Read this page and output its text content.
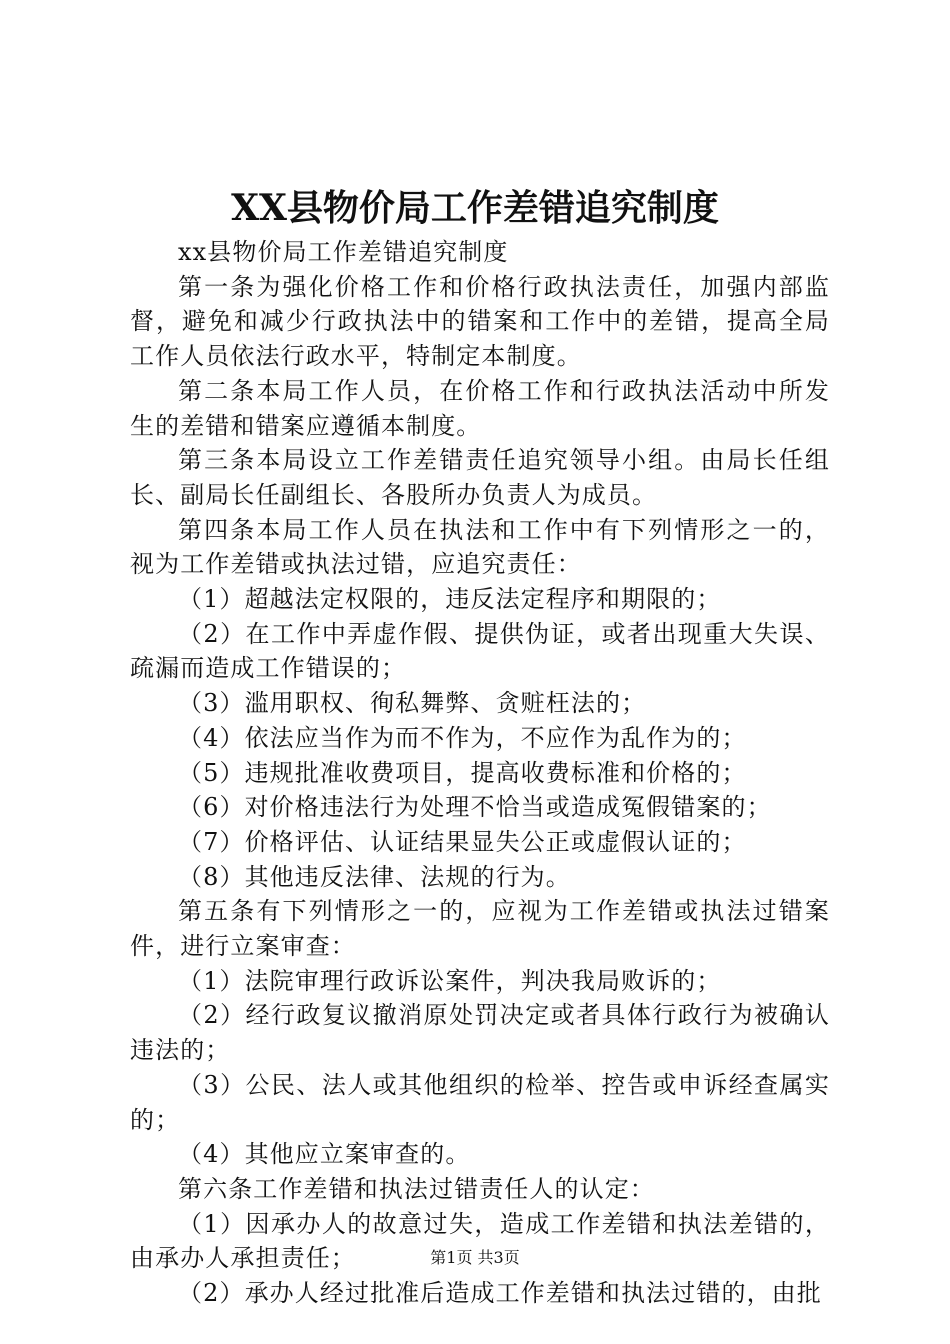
XX县物价局工作差错追究制度

xx县物价局工作差错追究制度

第一条为强化价格工作和价格行政执法责任，加强内部监督，避免和减少行政执法中的错案和工作中的差错，提高全局工作人员依法行政水平，特制定本制度。

第二条本局工作人员，在价格工作和行政执法活动中所发生的差错和错案应遵循本制度。

第三条本局设立工作差错责任追究领导小组。由局长任组长、副局长任副组长、各股所办负责人为成员。

第四条本局工作人员在执法和工作中有下列情形之一的，视为工作差错或执法过错，应追究责任：

（1）超越法定权限的，违反法定程序和期限的；

（2）在工作中弄虚作假、提供伪证，或者出现重大失误、疏漏而造成工作错误的；

（3）滥用职权、徇私舞弊、贪赃枉法的；

（4）依法应当作为而不作为，不应作为乱作为的；

（5）违规批准收费项目，提高收费标准和价格的；

（6）对价格违法行为处理不恰当或造成冤假错案的；

（7）价格评估、认证结果显失公正或虚假认证的；

（8）其他违反法律、法规的行为。

第五条有下列情形之一的，应视为工作差错或执法过错案件，进行立案审查：

（1）法院审理行政诉讼案件，判决我局败诉的；

（2）经行政复议撤消原处罚决定或者具体行政行为被确认违法的；

（3）公民、法人或其他组织的检举、控告或申诉经查属实的；

（4）其他应立案审查的。

第六条工作差错和执法过错责任人的认定：

（1）因承办人的故意过失，造成工作差错和执法差错的，由承办人承担责任；

（2）承办人经过批准后造成工作差错和执法过错的，由批

第1页 共3页
